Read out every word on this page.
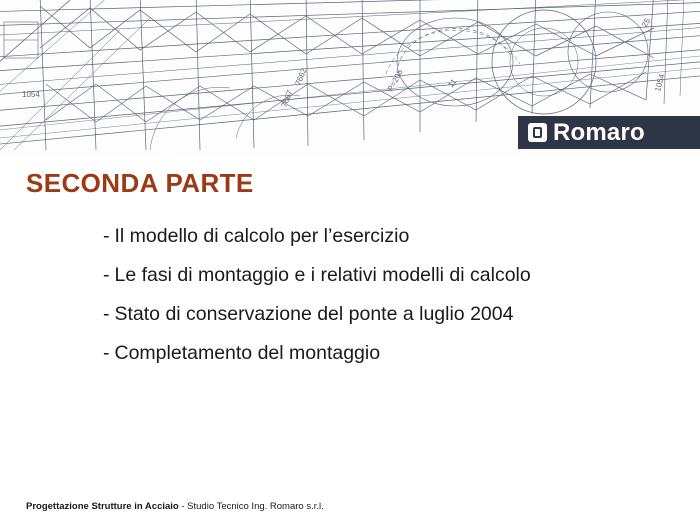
1054	7667
7662	P=205	1054
11
25
Romaro
SECONDA PARTE
- Il modello di calcolo per l’esercizio
- Le fasi di montaggio e i relativi modelli di calcolo
- Stato di conservazione del ponte a luglio 2004
- Completamento del montaggio
Progettazione Strutture in Acciaio - Studio Tecnico Ing. Romaro s.r.l.
